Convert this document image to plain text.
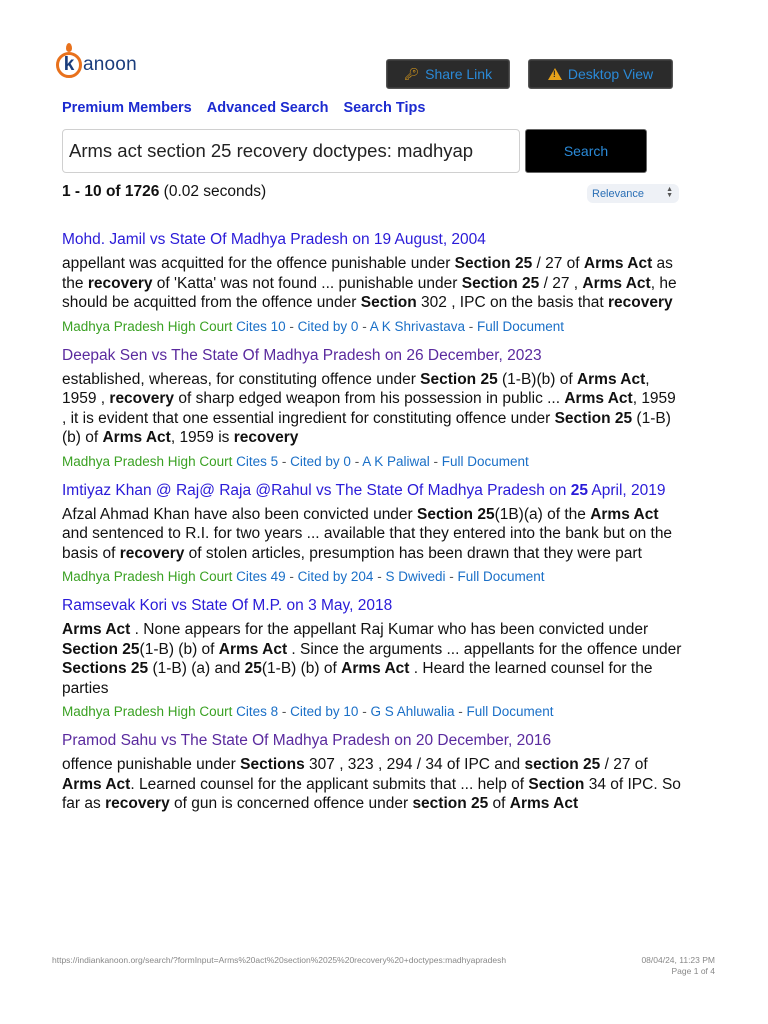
k anoon	🔑︎ Share Link
!	Desktop View
Premium Members Advanced Search Search Tips
Arms act section 25 recovery doctypes: madhyap	Search
1 - 10 of 1726 (0.02 seconds)	Relevance	▲
▼
Mohd. Jamil vs State Of Madhya Pradesh on 19 August, 2004
appellant was acquitted for the offence punishable under Section 25 / 27 of Arms Act as the recovery of 'Katta' was not found ... punishable under Section 25 / 27 , Arms Act, he should be acquitted from the offence under Section 302 , IPC on the basis that recovery
Madhya Pradesh High Court Cites 10 - Cited by 0 - A K Shrivastava - Full Document
Deepak Sen vs The State Of Madhya Pradesh on 26 December, 2023
established, whereas, for constituting offence under Section 25 (1-B)(b) of Arms Act, 1959 , recovery of sharp edged weapon from his possession in public ... Arms Act, 1959 , it is evident that one essential ingredient for constituting offence under Section 25 (1-B)(b) of Arms Act, 1959 is recovery
Madhya Pradesh High Court Cites 5 - Cited by 0 - A K Paliwal - Full Document
Imtiyaz Khan @ Raj@ Raja @Rahul vs The State Of Madhya Pradesh on 25 April, 2019
Afzal Ahmad Khan have also been convicted under Section 25(1B)(a) of the Arms Act and sentenced to R.I. for two years ... available that they entered into the bank but on the basis of recovery of stolen articles, presumption has been drawn that they were part
Madhya Pradesh High Court Cites 49 - Cited by 204 - S Dwivedi - Full Document
Ramsevak Kori vs State Of M.P. on 3 May, 2018
Arms Act . None appears for the appellant Raj Kumar who has been convicted under Section 25(1-B) (b) of Arms Act . Since the arguments ... appellants for the offence under Sections 25 (1-B) (a) and 25(1-B) (b) of Arms Act . Heard the learned counsel for the parties
Madhya Pradesh High Court Cites 8 - Cited by 10 - G S Ahluwalia - Full Document
Pramod Sahu vs The State Of Madhya Pradesh on 20 December, 2016
offence punishable under Sections 307 , 323 , 294 / 34 of IPC and section 25 / 27 of Arms Act. Learned counsel for the applicant submits that ... help of Section 34 of IPC. So far as recovery of gun is concerned offence under section 25 of Arms Act
https://indiankanoon.org/search/?formInput=Arms%20act%20section%2025%20recovery%20+doctypes:madhyapradesh	08/04/24, 11:23 PM
Page 1 of 4
